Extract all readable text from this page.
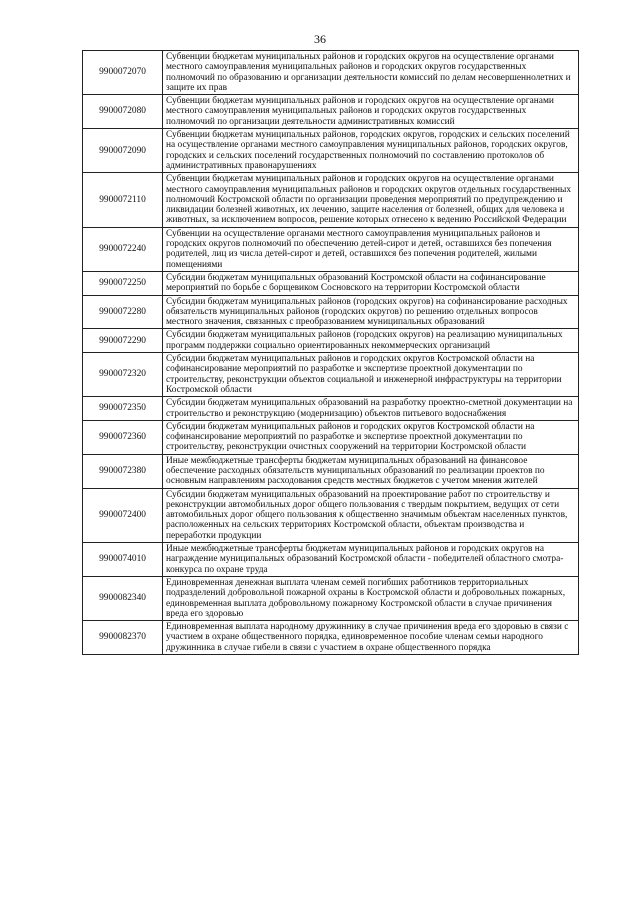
36
9900072070	Субвенции бюджетам муниципальных районов и городских округов на осуществление органами местного самоуправления муниципальных районов и городских округов государственных полномочий по образованию и организации деятельности комиссий по делам несовершеннолетних и защите их прав
9900072080	Субвенции бюджетам муниципальных районов и городских округов на осуществление органами местного самоуправления муниципальных районов и городских округов государственных полномочий по организации деятельности административных комиссий
9900072090	Субвенции бюджетам муниципальных районов, городских округов, городских и сельских поселений на осуществление органами местного самоуправления муниципальных районов, городских округов, городских и сельских поселений государственных полномочий по составлению протоколов об административных правонарушениях
9900072110	Субвенции бюджетам муниципальных районов и городских округов на осуществление органами местного самоуправления муниципальных районов и городских округов отдельных государственных полномочий Костромской области по организации проведения мероприятий по предупреждению и ликвидации болезней животных, их лечению, защите населения от болезней, общих для человека и животных, за исключением вопросов, решение которых отнесено к ведению Российской Федерации
9900072240	Субвенции на осуществление органами местного самоуправления муниципальных районов и городских округов полномочий по обеспечению детей-сирот и детей, оставшихся без попечения родителей, лиц из числа детей-сирот и детей, оставшихся без попечения родителей, жилыми помещениями
9900072250	Субсидии бюджетам муниципальных образований Костромской области на софинансирование мероприятий по борьбе с борщевиком Сосновского на территории Костромской области
9900072280	Субсидии бюджетам муниципальных районов (городских округов) на софинансирование расходных обязательств муниципальных районов (городских округов) по решению отдельных вопросов местного значения, связанных с преобразованием муниципальных образований
9900072290	Субсидии бюджетам муниципальных районов (городских округов) на реализацию муниципальных программ поддержки социально ориентированных некоммерческих организаций
9900072320	Субсидии бюджетам муниципальных районов и городских округов Костромской области на софинансирование мероприятий по разработке и экспертизе проектной документации по строительству, реконструкции объектов социальной и инженерной инфраструктуры на территории Костромской области
9900072350	Субсидии бюджетам муниципальных образований на разработку проектно-сметной документации на строительство и реконструкцию (модернизацию) объектов питьевого водоснабжения
9900072360	Субсидии бюджетам муниципальных районов и городских округов Костромской области на софинансирование мероприятий по разработке и экспертизе проектной документации по строительству, реконструкции очистных сооружений на территории Костромской области
9900072380	Иные межбюджетные трансферты бюджетам муниципальных образований на финансовое обеспечение расходных обязательств муниципальных образований по реализации проектов по основным направлениям расходования средств местных бюджетов с учетом мнения жителей
9900072400	Субсидии бюджетам муниципальных образований на проектирование работ по строительству и реконструкции автомобильных дорог общего пользования с твердым покрытием, ведущих от сети автомобильных дорог общего пользования к общественно значимым объектам населенных пунктов, расположенных на сельских территориях Костромской области, объектам производства и переработки продукции
9900074010	Иные межбюджетные трансферты бюджетам муниципальных районов и городских округов на награждение муниципальных образований Костромской области - победителей областного смотра-конкурса по охране труда
9900082340	Единовременная денежная выплата членам семей погибших работников территориальных подразделений добровольной пожарной охраны в Костромской области и добровольных пожарных, единовременная выплата добровольному пожарному Костромской области в случае причинения вреда его здоровью
9900082370	Единовременная выплата народному дружиннику в случае причинения вреда его здоровью в связи с участием в охране общественного порядка, единовременное пособие членам семьи народного дружинника в случае гибели в связи с участием в охране общественного порядка
